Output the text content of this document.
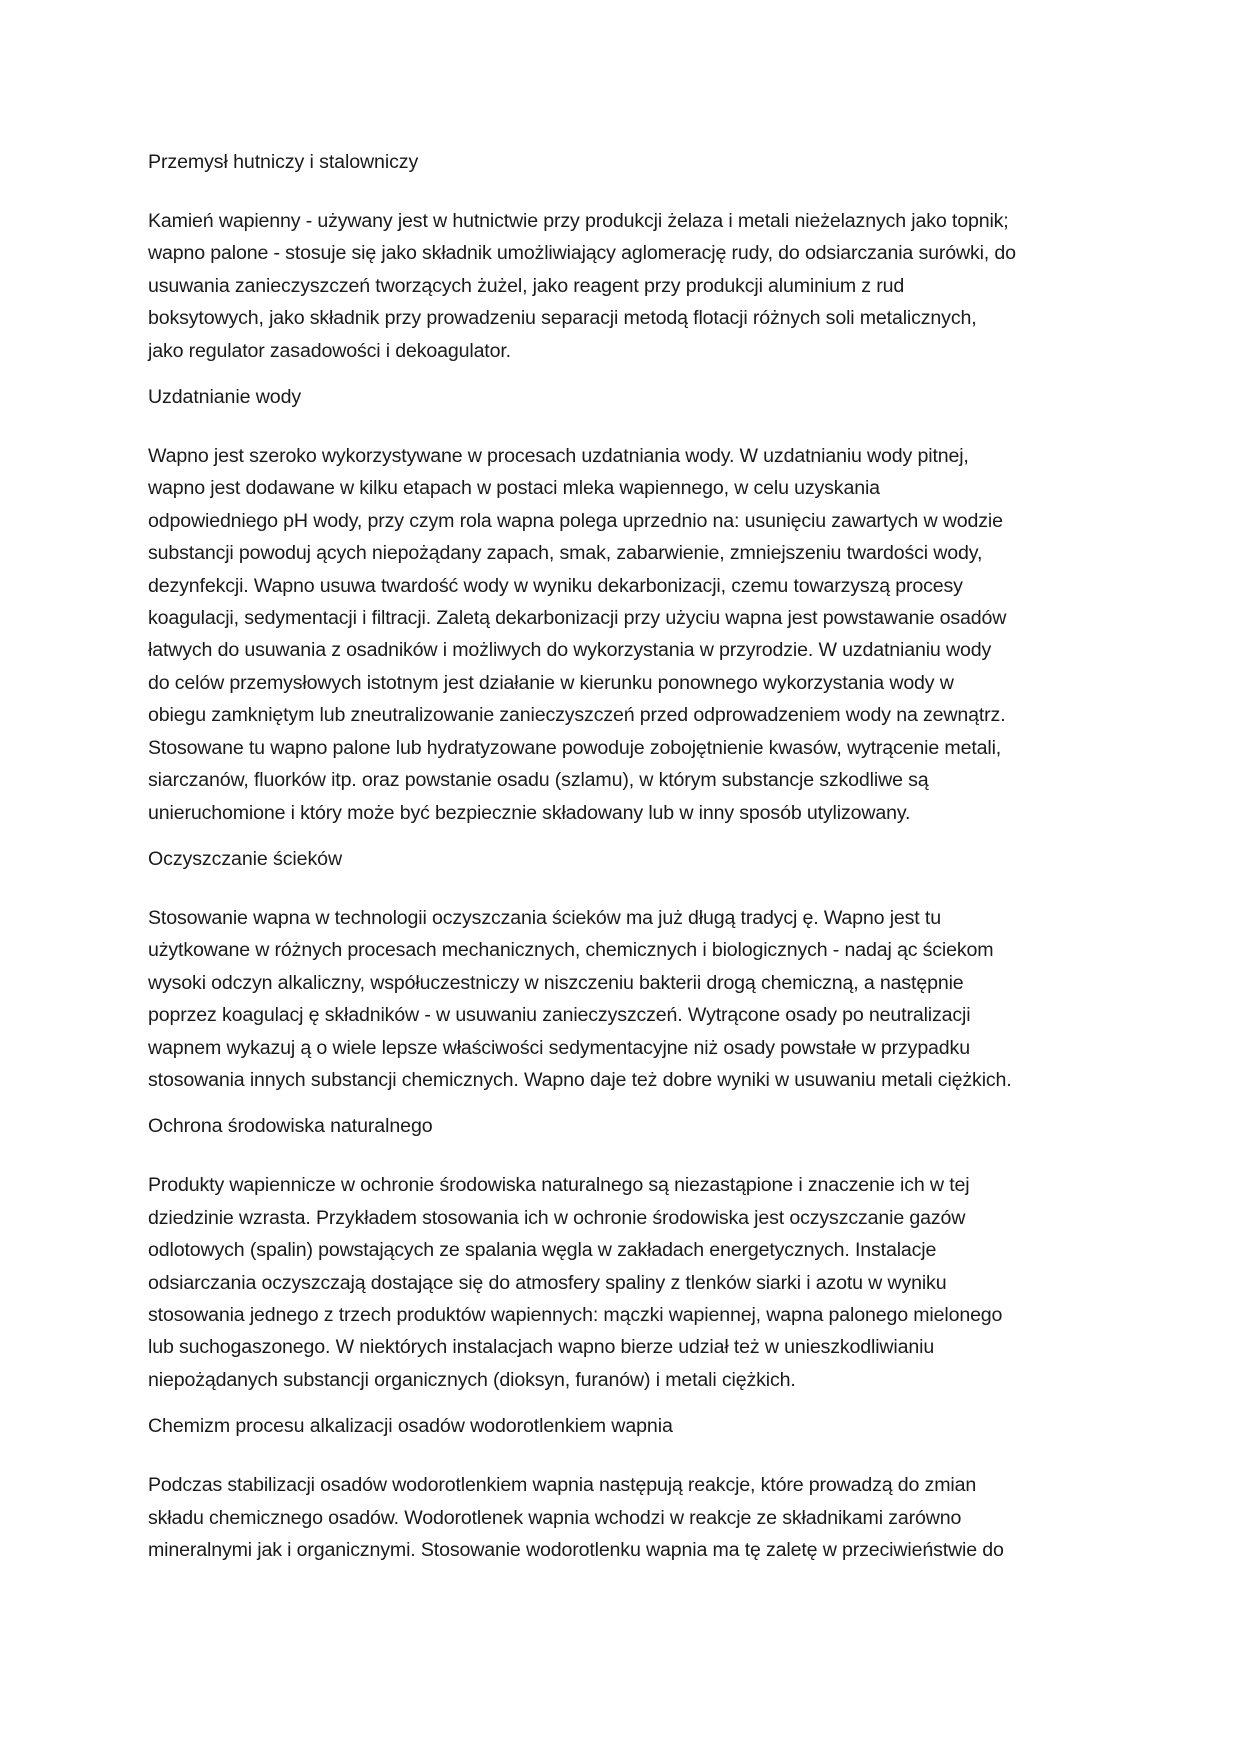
Przemysł hutniczy i stalowniczy
Kamień wapienny - używany jest w hutnictwie przy produkcji żelaza i metali nieżelaznych jako topnik;
wapno palone - stosuje się jako składnik umożliwiający aglomerację rudy, do odsiarczania surówki, do
usuwania zanieczyszczeń tworzących żużel, jako reagent przy produkcji aluminium z rud
boksytowych, jako składnik przy prowadzeniu separacji metodą flotacji różnych soli metalicznych,
jako regulator zasadowości i dekoagulator.
Uzdatnianie wody
Wapno jest szeroko wykorzystywane w procesach uzdatniania wody. W uzdatnianiu wody pitnej,
wapno jest dodawane w kilku etapach w postaci mleka wapiennego, w celu uzyskania
odpowiedniego pH wody, przy czym rola wapna polega uprzednio na: usunięciu zawartych w wodzie
substancji powoduj ących niepożądany zapach, smak, zabarwienie, zmniejszeniu twardości wody,
dezynfekcji. Wapno usuwa twardość wody w wyniku dekarbonizacji, czemu towarzyszą procesy
koagulacji, sedymentacji i filtracji. Zaletą dekarbonizacji przy użyciu wapna jest powstawanie osadów
łatwych do usuwania z osadników i możliwych do wykorzystania w przyrodzie. W uzdatnianiu wody
do celów przemysłowych istotnym jest działanie w kierunku ponownego wykorzystania wody w
obiegu zamkniętym lub zneutralizowanie zanieczyszczeń przed odprowadzeniem wody na zewnątrz.
Stosowane tu wapno palone lub hydratyzowane powoduje zobojętnienie kwasów, wytrącenie metali,
siarczanów, fluorków itp. oraz powstanie osadu (szlamu), w którym substancje szkodliwe są
unieruchomione i który może być bezpiecznie składowany lub w inny sposób utylizowany.
Oczyszczanie ścieków
Stosowanie wapna w technologii oczyszczania ścieków ma już długą tradycj ę. Wapno jest tu
użytkowane w różnych procesach mechanicznych, chemicznych i biologicznych - nadaj ąc ściekom
wysoki odczyn alkaliczny, współuczestniczy w niszczeniu bakterii drogą chemiczną, a następnie
poprzez koagulacj ę składników - w usuwaniu zanieczyszczeń. Wytrącone osady po neutralizacji
wapnem wykazuj ą o wiele lepsze właściwości sedymentacyjne niż osady powstałe w przypadku
stosowania innych substancji chemicznych. Wapno daje też dobre wyniki w usuwaniu metali ciężkich.
Ochrona środowiska naturalnego
Produkty wapiennicze w ochronie środowiska naturalnego są niezastąpione i znaczenie ich w tej
dziedzinie wzrasta. Przykładem stosowania ich w ochronie środowiska jest oczyszczanie gazów
odlotowych (spalin) powstających ze spalania węgla w zakładach energetycznych. Instalacje
odsiarczania oczyszczają dostające się do atmosfery spaliny z tlenków siarki i azotu w wyniku
stosowania jednego z trzech produktów wapiennych: mączki wapiennej, wapna palonego mielonego
lub suchogaszonego. W niektórych instalacjach wapno bierze udział też w unieszkodliwianiu
niepożądanych substancji organicznych (dioksyn, furanów) i metali ciężkich.
Chemizm procesu alkalizacji osadów wodorotlenkiem wapnia
Podczas stabilizacji osadów wodorotlenkiem wapnia następują reakcje, które prowadzą do zmian
składu chemicznego osadów. Wodorotlenek wapnia wchodzi w reakcje ze składnikami zarówno
mineralnymi jak i organicznymi. Stosowanie wodorotlenku wapnia ma tę zaletę w przeciwieństwie do
